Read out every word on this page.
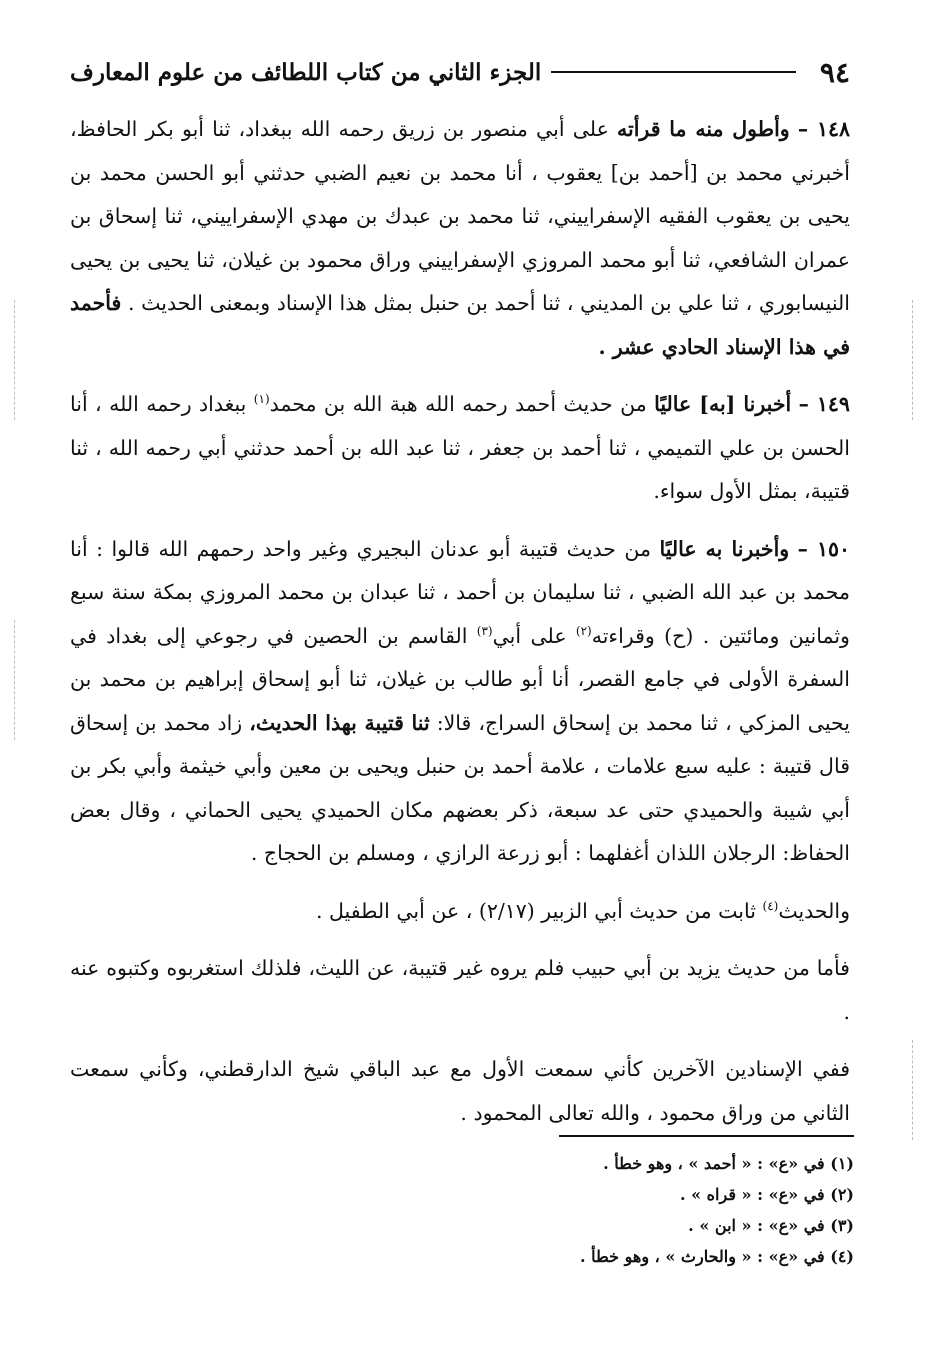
٩٤
الجزء الثاني من كتاب اللطائف من علوم المعارف

١٤٨ – وأطول منه ما قرأته على أبي منصور بن زريق رحمه الله ببغداد، ثنا أبو بكر الحافظ، أخبرني محمد بن [أحمد بن] يعقوب ، أنا محمد بن نعيم الضبي حدثني أبو الحسن محمد بن يحيى بن يعقوب الفقيه الإسفراييني، ثنا محمد بن عبدك بن مهدي الإسفراييني، ثنا إسحاق بن عمران الشافعي، ثنا أبو محمد المروزي الإسفراييني وراق محمود بن غيلان، ثنا يحيى بن يحيى النيسابوري ، ثنا علي بن المديني ، ثنا أحمد بن حنبل بمثل هذا الإسناد وبمعنى الحديث . فأحمد في هذا الإسناد الحادي عشر .

١٤٩ – أخبرنا [به] عاليًا من حديث أحمد رحمه الله هبة الله بن محمد$^{(١)}$ ببغداد رحمه الله ، أنا الحسن بن علي التميمي ، ثنا أحمد بن جعفر ، ثنا عبد الله بن أحمد حدثني أبي رحمه الله ، ثنا قتيبة، بمثل الأول سواء.

١٥٠ – وأخبرنا به عاليًا من حديث قتيبة أبو عدنان البجيري وغير واحد رحمهم الله قالوا : أنا محمد بن عبد الله الضبي ، ثنا سليمان بن أحمد ، ثنا عبدان بن محمد المروزي بمكة سنة سبع وثمانين ومائتين . (ح) وقراءته$^{(٢)}$ على أبي$^{(٣)}$ القاسم بن الحصين في رجوعي إلى بغداد في السفرة الأولى في جامع القصر، أنا أبو طالب بن غيلان، ثنا أبو إسحاق إبراهيم بن محمد بن يحيى المزكي ، ثنا محمد بن إسحاق السراج، قالا: ثنا قتيبة بهذا الحديث، زاد محمد بن إسحاق قال قتيبة : عليه سبع علامات ، علامة أحمد بن حنبل ويحيى بن معين وأبي خيثمة وأبي بكر بن أبي شيبة والحميدي حتى عد سبعة، ذكر بعضهم مكان الحميدي يحيى الحماني ، وقال بعض الحفاظ: الرجلان اللذان أغفلهما : أبو زرعة الرازي ، ومسلم بن الحجاج .

والحديث$^{(٤)}$ ثابت من حديث أبي الزبير (٢/١٧) ، عن أبي الطفيل .

فأما من حديث يزيد بن أبي حبيب فلم يروه غير قتيبة، عن الليث، فلذلك استغربوه وكتبوه عنه .

ففي الإسنادين الآخرين كأني سمعت الأول مع عبد الباقي شيخ الدارقطني، وكأني سمعت الثاني من وراق محمود ، والله تعالى المحمود .

(١) في «ع» : « أحمد » ، وهو خطأ .
(٢) في «ع» : « قراه » .
(٣) في «ع» : « ابن » .
(٤) في «ع» : « والحارث » ، وهو خطأ .
